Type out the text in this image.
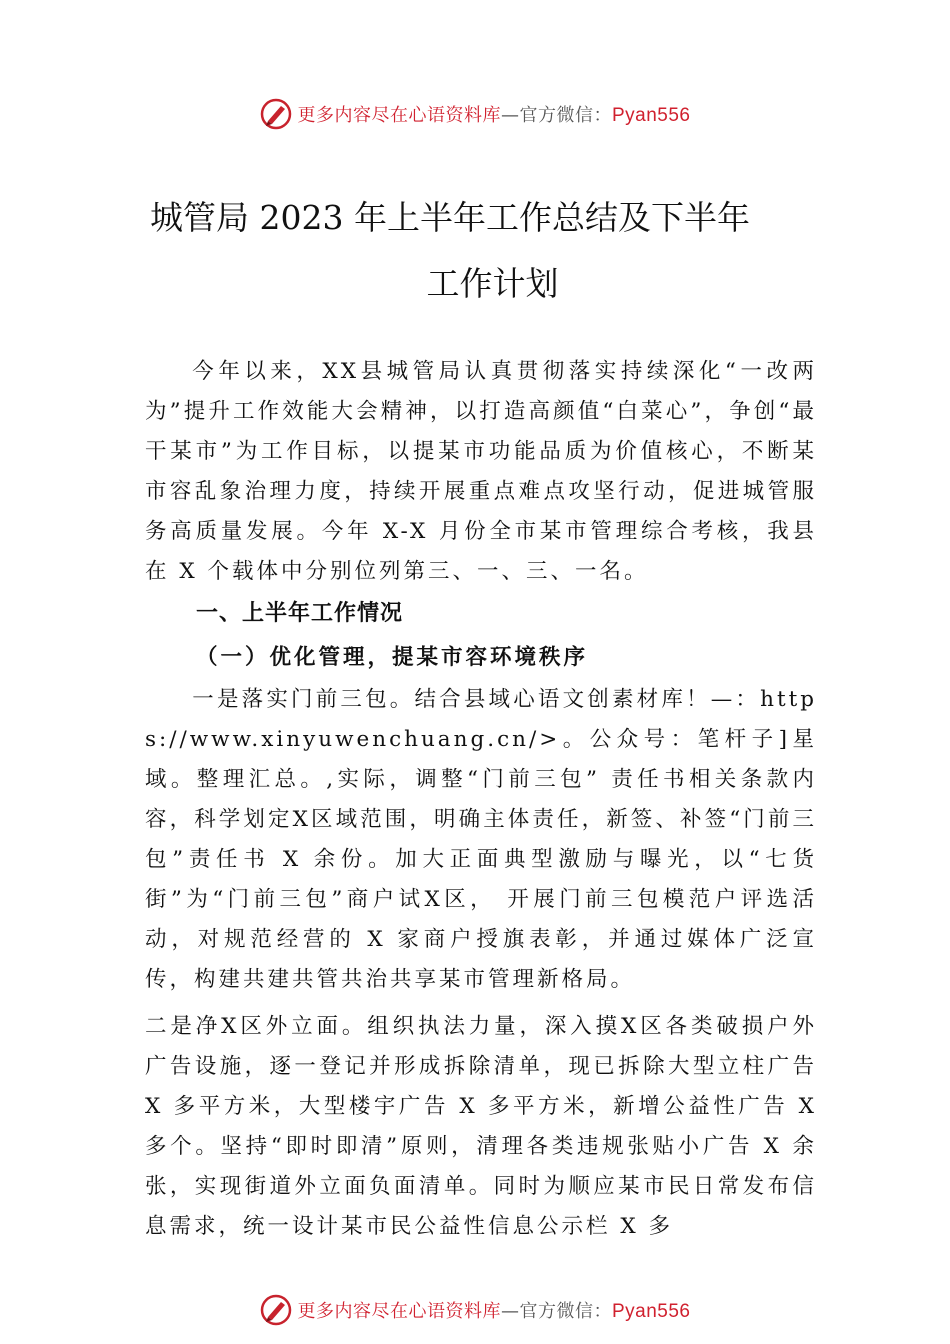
更多内容尽在心语资料库—官方微信：Pyan556
城管局 2023 年上半年工作总结及下半年
工作计划
今年以来，XX县城管局认真贯彻落实持续深化“一改两为”提升工作效能大会精神，以打造高颜值“白菜心”，争创“最干某市”为工作目标，以提某市功能品质为价值核心，不断某市容乱象治理力度，持续开展重点难点攻坚行动，促进城管服务高质量发展。今年 X-X 月份全市某市管理综合考核，我县在 X 个载体中分别位列第三、一、三、一名。
一、上半年工作情况
（一）优化管理，提某市容环境秩序
一是落实门前三包。结合县域心语文创素材库！—：https://www.xinyuwenchuang.cn/>。公众号：笔杆子]星域。整理汇总。,实际，调整“门前三包” 责任书相关条款内容，科学划定X区域范围，明确主体责任，新签、补签“门前三包”责任书 X 余份。加大正面典型激励与曝光，以“七货街”为“门前三包”商户试X区， 开展门前三包模范户评选活动，对规范经营的 X 家商户授旗表彰，并通过媒体广泛宣传，构建共建共管共治共享某市管理新格局。
二是净X区外立面。组织执法力量，深入摸X区各类破损户外广告设施，逐一登记并形成拆除清单，现已拆除大型立柱广告 X 多平方米，大型楼宇广告 X 多平方米，新增公益性广告 X 多个。坚持“即时即清”原则，清理各类违规张贴小广告 X 余张，实现街道外立面负面清单。同时为顺应某市民日常发布信息需求，统一设计某市民公益性信息公示栏 X 多
更多内容尽在心语资料库—官方微信：Pyan556
